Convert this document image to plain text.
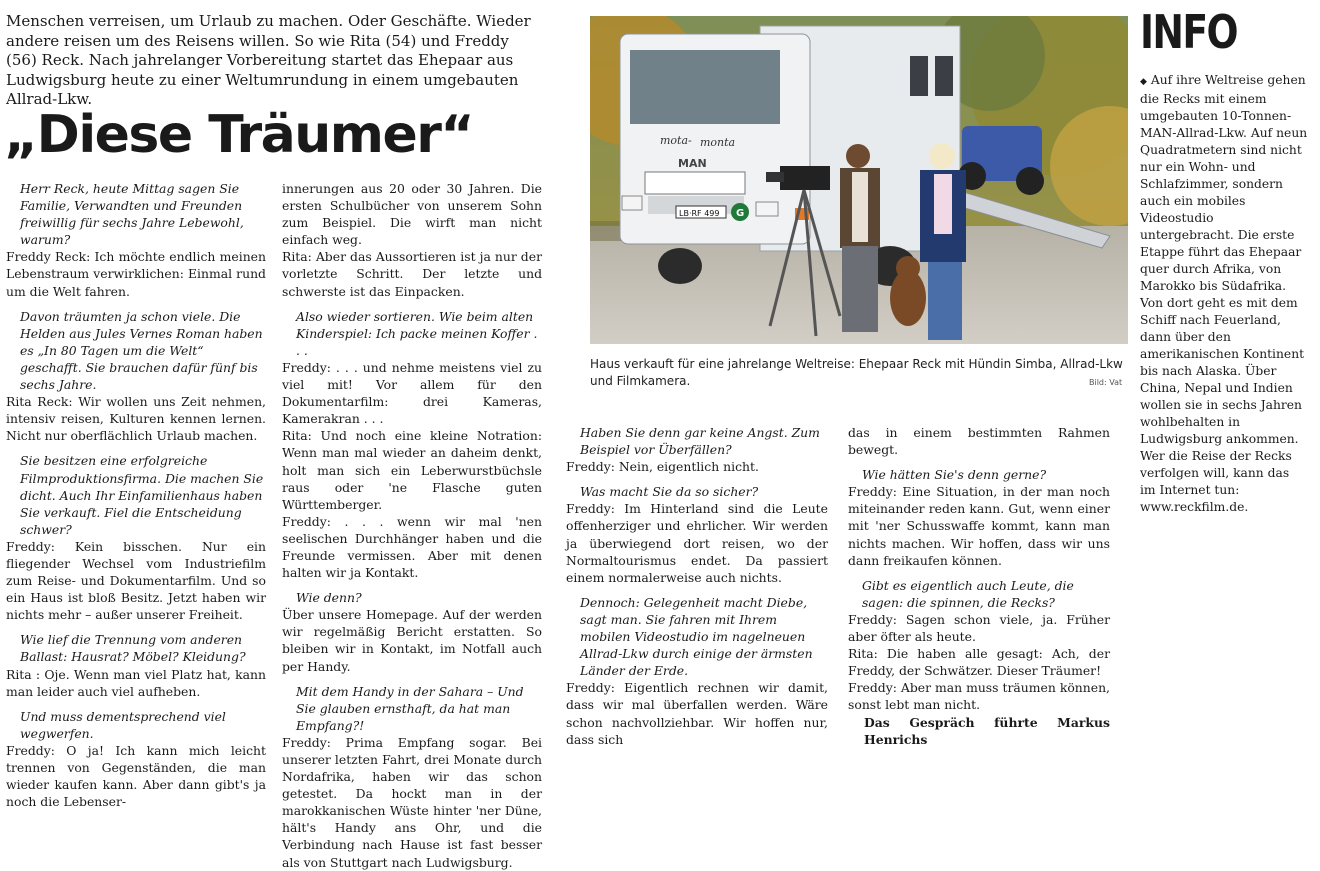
Menschen verreisen, um Urlaub zu machen. Oder Geschäfte. Wieder andere reisen um des Reisens willen. So wie Rita (54) und Freddy (56) Reck. Nach jahrelanger Vorbereitung startet das Ehepaar aus Ludwigsburg heute zu einer Weltumrundung in einem umgebauten Allrad-Lkw.
„Diese Träumer“

Herr Reck, heute Mittag sagen Sie Familie, Verwandten und Freunden freiwillig für sechs Jahre Lebewohl, warum?

Freddy Reck: Ich möchte endlich meinen Lebenstraum verwirklichen: Einmal rund um die Welt fahren.

Davon träumten ja schon viele. Die Helden aus Jules Vernes Roman haben es „In 80 Tagen um die Welt“ geschafft. Sie brauchen dafür fünf bis sechs Jahre.

Rita Reck: Wir wollen uns Zeit nehmen, intensiv reisen, Kulturen kennen lernen. Nicht nur oberflächlich Urlaub machen.

Sie besitzen eine erfolgreiche Filmproduktionsfirma. Die machen Sie dicht. Auch Ihr Einfamilienhaus haben Sie verkauft. Fiel die Entscheidung schwer?

Freddy: Kein bisschen. Nur ein fliegender Wechsel vom Industriefilm zum Reise- und Dokumentarfilm. Und so ein Haus ist bloß Besitz. Jetzt haben wir nichts mehr – außer unserer Freiheit.

Wie lief die Trennung vom anderen Ballast: Hausrat? Möbel? Kleidung?

Rita : Oje. Wenn man viel Platz hat, kann man leider auch viel aufheben.

Und muss dementsprechend viel wegwerfen.

Freddy: O ja! Ich kann mich leicht trennen von Gegenständen, die man wieder kaufen kann. Aber dann gibt's ja noch die Lebenser-

innerungen aus 20 oder 30 Jahren. Die ersten Schulbücher von unserem Sohn zum Beispiel. Die wirft man nicht einfach weg.

Rita: Aber das Aussortieren ist ja nur der vorletzte Schritt. Der letzte und schwerste ist das Einpacken.

Also wieder sortieren. Wie beim alten Kinderspiel: Ich packe meinen Koffer . . .

Freddy: . . . und nehme meistens viel zu viel mit! Vor allem für den Dokumentarfilm: drei Kameras, Kamerakran . . .

Rita: Und noch eine kleine Notration: Wenn man mal wieder an daheim denkt, holt man sich ein Leberwurstbüchsle raus oder 'ne Flasche guten Württemberger.

Freddy: . . . wenn wir mal 'nen seelischen Durchhänger haben und die Freunde vermissen. Aber mit denen halten wir ja Kontakt.

Wie denn?

Über unsere Homepage. Auf der werden wir regelmäßig Bericht erstatten. So bleiben wir in Kontakt, im Notfall auch per Handy.

Mit dem Handy in der Sahara – Und Sie glauben ernsthaft, da hat man Empfang?!

Freddy: Prima Empfang sogar. Bei unserer letzten Fahrt, drei Monate durch Nordafrika, haben wir das schon getestet. Da hockt man in der marokkanischen Wüste hinter 'ner Düne, hält's Handy ans Ohr, und die Verbindung nach Hause ist fast besser als von Stuttgart nach Ludwigsburg.

Haben Sie denn gar keine Angst. Zum Beispiel vor Überfällen?

Freddy: Nein, eigentlich nicht.

Was macht Sie da so sicher?

Freddy: Im Hinterland sind die Leute offenherziger und ehrlicher. Wir werden ja überwiegend dort reisen, wo der Normaltourismus endet. Da passiert einem normalerweise auch nichts.

Dennoch: Gelegenheit macht Diebe, sagt man. Sie fahren mit Ihrem mobilen Videostudio im nagelneuen Allrad-Lkw durch einige der ärmsten Länder der Erde.

Freddy: Eigentlich rechnen wir damit, dass wir mal überfallen werden. Wäre schon nachvollziehbar. Wir hoffen nur, dass sich

das in einem bestimmten Rahmen bewegt.

Wie hätten Sie's denn gerne?

Freddy: Eine Situation, in der man noch miteinander reden kann. Gut, wenn einer mit 'ner Schusswaffe kommt, kann man nichts machen. Wir hoffen, dass wir uns dann freikaufen können.

Gibt es eigentlich auch Leute, die sagen: die spinnen, die Recks?

Freddy: Sagen schon viele, ja. Früher aber öfter als heute.

Rita: Die haben alle gesagt: Ach, der Freddy, der Schwätzer. Dieser Träumer!

Freddy: Aber man muss träumen können, sonst lebt man nicht.

Das Gespräch führte Markus Henrichs

mota- monta
MAN
LB·RF 499 G
Haus verkauft für eine jahrelange Weltreise: Ehepaar Reck mit Hündin Simba, Allrad-Lkw und Filmkamera.	Bild: Vat
INFO

◆ Auf ihre Weltreise gehen die Recks mit einem umgebauten 10-Tonnen-MAN-Allrad-Lkw. Auf neun Quadratmetern sind nicht nur ein Wohn- und Schlafzimmer, sondern auch ein mobiles Videostudio untergebracht. Die erste Etappe führt das Ehepaar quer durch Afrika, von Marokko bis Südafrika. Von dort geht es mit dem Schiff nach Feuerland, dann über den amerikanischen Kontinent bis nach Alaska. Über China, Nepal und Indien wollen sie in sechs Jahren wohlbehalten in Ludwigsburg ankommen. Wer die Reise der Recks verfolgen will, kann das im Internet tun: www.reckfilm.de.
